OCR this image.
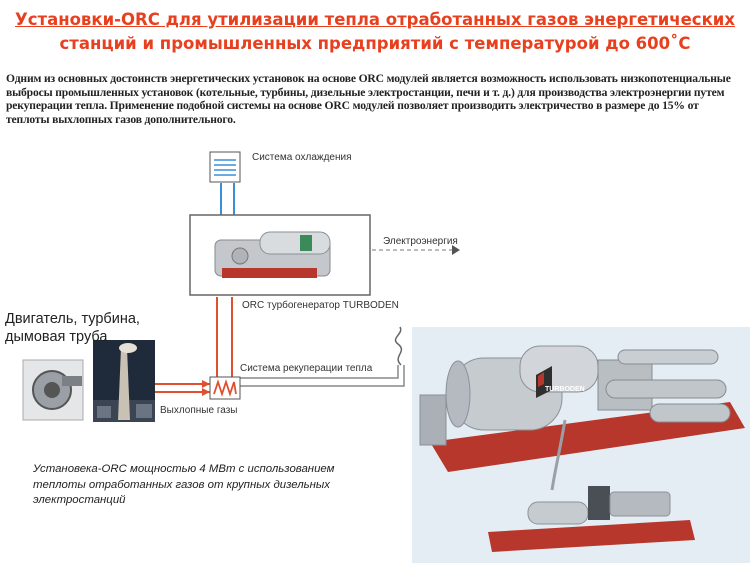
Установки-ORC для утилизации тепла отработанных газов энергетических
станций и промышленных предприятий с температурой до 600˚С
Одним из основных достоинств энергетических установок на основе ORC модулей является возможность использовать низкопотенциальные выбросы промышленных установок (котельные, турбины, дизельные электростанции, печи и т. д.) для производства электроэнергии путем рекуперации тепла. Применение подобной системы на основе ORC модулей позволяет производить электричество в размере до 15% от теплоты выхлопных газов дополнительного.
Система охлаждения
Электроэнергия
ORC турбогенератор TURBODEN
Система рекуперации тепла
Выхлопные газы
TURBODEN
Двигатель, турбина,
дымовая труба
Установека-ORC мощностью 4 МВт с использованием теплоты отработанных газов от крупных дизельных электростанций
